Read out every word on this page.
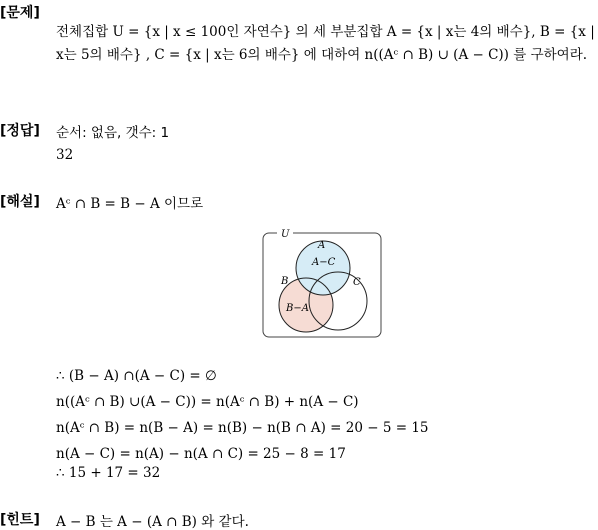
[문제]
전체집합 U = {x | x ≤ 100인 자연수} 의 세 부분집합 A = {x | x는 4의 배수}, B = {x | x는 5의 배수} , C = {x | x는 6의 배수} 에 대하여 n((Aᶜ ∩ B) ∪ (A − C)) 를 구하여라.
[정답] 순서: 없음, 갯수: 1
32
[해설] Aᶜ ∩ B = B − A 이므로
U
A
B	C
A−C
B−A
∴ (B − A) ∩(A − C) = ∅
n((Aᶜ ∩ B) ∪(A − C)) = n(Aᶜ ∩ B) + n(A − C)
n(Aᶜ ∩ B) = n(B − A) = n(B) − n(B ∩ A) = 20 − 5 = 15
n(A − C) = n(A) − n(A ∩ C) = 25 − 8 = 17
∴ 15 + 17 = 32
[힌트] A − B 는 A − (A ∩ B) 와 같다.
